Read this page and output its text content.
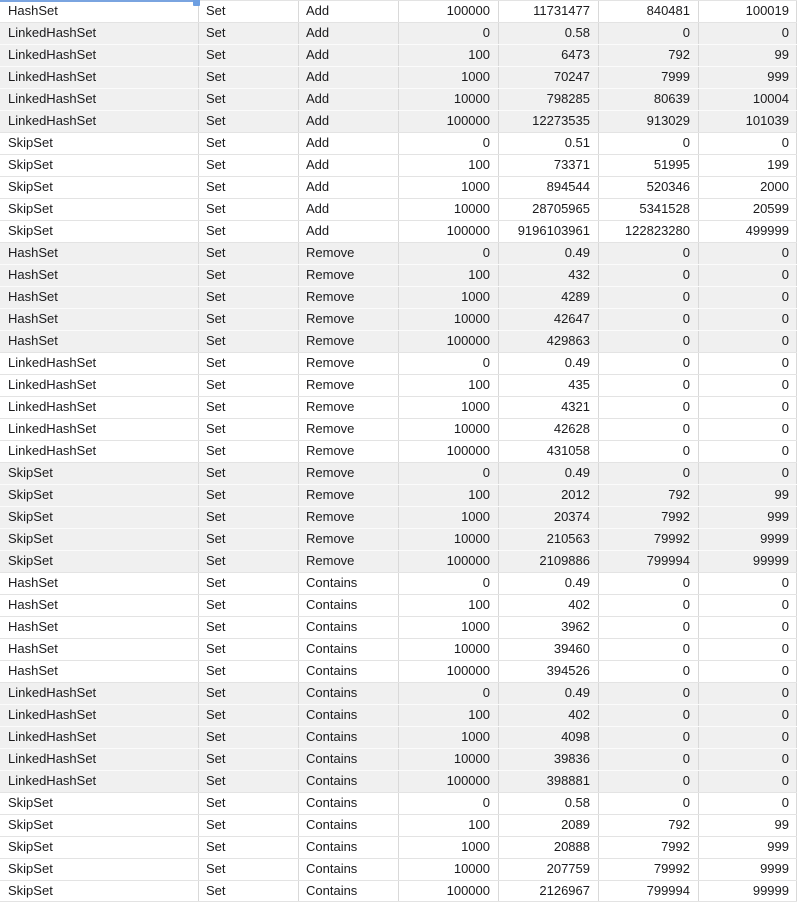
HashSet	Set	Add	100000	11731477	840481	100019
LinkedHashSet	Set	Add	0	0.58	0	0
LinkedHashSet	Set	Add	100	6473	792	99
LinkedHashSet	Set	Add	1000	70247	7999	999
LinkedHashSet	Set	Add	10000	798285	80639	10004
LinkedHashSet	Set	Add	100000	12273535	913029	101039
SkipSet	Set	Add	0	0.51	0	0
SkipSet	Set	Add	100	73371	51995	199
SkipSet	Set	Add	1000	894544	520346	2000
SkipSet	Set	Add	10000	28705965	5341528	20599
SkipSet	Set	Add	100000	9196103961	122823280	499999
HashSet	Set	Remove	0	0.49	0	0
HashSet	Set	Remove	100	432	0	0
HashSet	Set	Remove	1000	4289	0	0
HashSet	Set	Remove	10000	42647	0	0
HashSet	Set	Remove	100000	429863	0	0
LinkedHashSet	Set	Remove	0	0.49	0	0
LinkedHashSet	Set	Remove	100	435	0	0
LinkedHashSet	Set	Remove	1000	4321	0	0
LinkedHashSet	Set	Remove	10000	42628	0	0
LinkedHashSet	Set	Remove	100000	431058	0	0
SkipSet	Set	Remove	0	0.49	0	0
SkipSet	Set	Remove	100	2012	792	99
SkipSet	Set	Remove	1000	20374	7992	999
SkipSet	Set	Remove	10000	210563	79992	9999
SkipSet	Set	Remove	100000	2109886	799994	99999
HashSet	Set	Contains	0	0.49	0	0
HashSet	Set	Contains	100	402	0	0
HashSet	Set	Contains	1000	3962	0	0
HashSet	Set	Contains	10000	39460	0	0
HashSet	Set	Contains	100000	394526	0	0
LinkedHashSet	Set	Contains	0	0.49	0	0
LinkedHashSet	Set	Contains	100	402	0	0
LinkedHashSet	Set	Contains	1000	4098	0	0
LinkedHashSet	Set	Contains	10000	39836	0	0
LinkedHashSet	Set	Contains	100000	398881	0	0
SkipSet	Set	Contains	0	0.58	0	0
SkipSet	Set	Contains	100	2089	792	99
SkipSet	Set	Contains	1000	20888	7992	999
SkipSet	Set	Contains	10000	207759	79992	9999
SkipSet	Set	Contains	100000	2126967	799994	99999
